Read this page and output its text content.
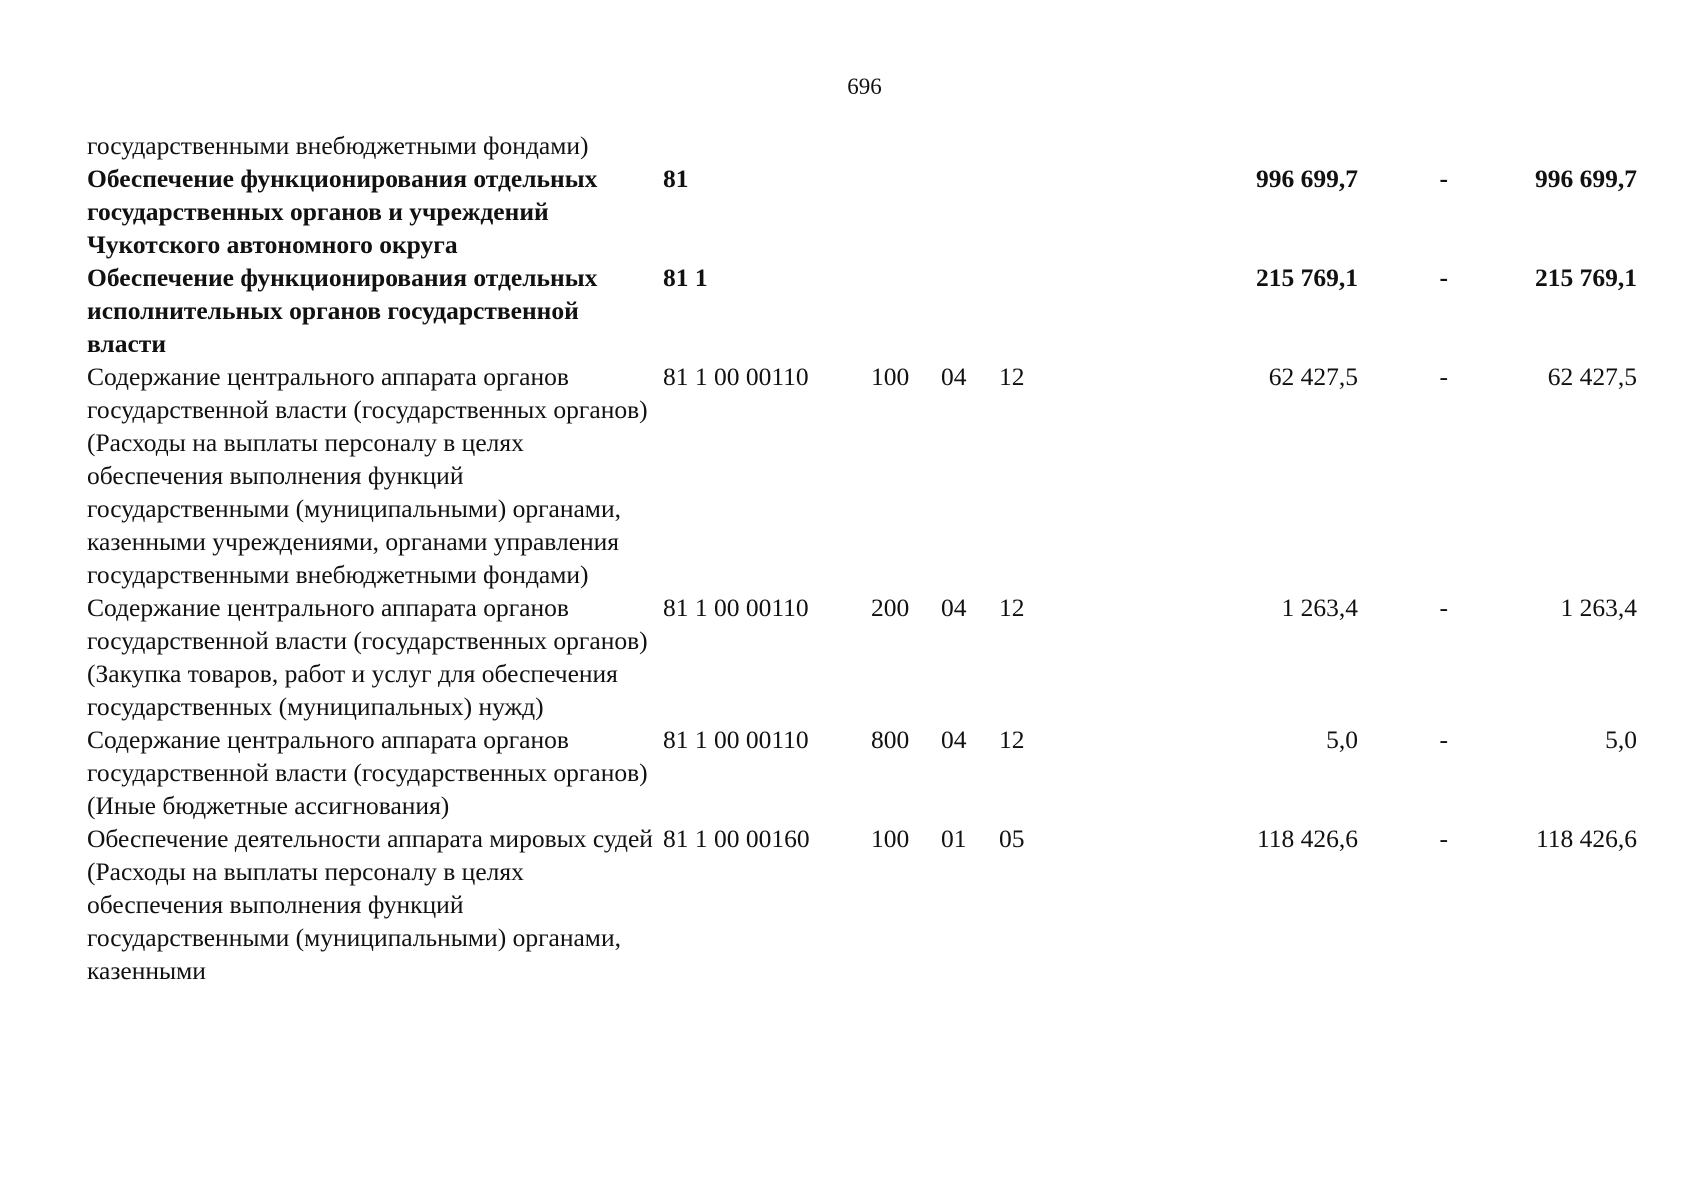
696
государственными внебюджетными фондами)							
Обеспечение функционирования отдельных государственных органов и учреждений Чукотского автономного округа	81				996 699,7	-	996 699,7
Обеспечение функционирования отдельных исполнительных органов государственной власти	81 1				215 769,1	-	215 769,1
Содержание центрального аппарата органов государственной власти (государственных органов) (Расходы на выплаты персоналу в целях обеспечения выполнения функций государственными (муниципальными) органами, казенными учреждениями, органами управления государственными внебюджетными фондами)	81 1 00 00110	100	04	12	62 427,5	-	62 427,5
Содержание центрального аппарата органов государственной власти (государственных органов) (Закупка товаров, работ и услуг для обеспечения государственных (муниципальных) нужд)	81 1 00 00110	200	04	12	1 263,4	-	1 263,4
Содержание центрального аппарата органов государственной власти (государственных органов) (Иные бюджетные ассигнования)	81 1 00 00110	800	04	12	5,0	-	5,0
Обеспечение деятельности аппарата мировых судей (Расходы на выплаты персоналу в целях обеспечения выполнения функций государственными (муниципальными) органами, казенными	81 1 00 00160	100	01	05	118 426,6	-	118 426,6
